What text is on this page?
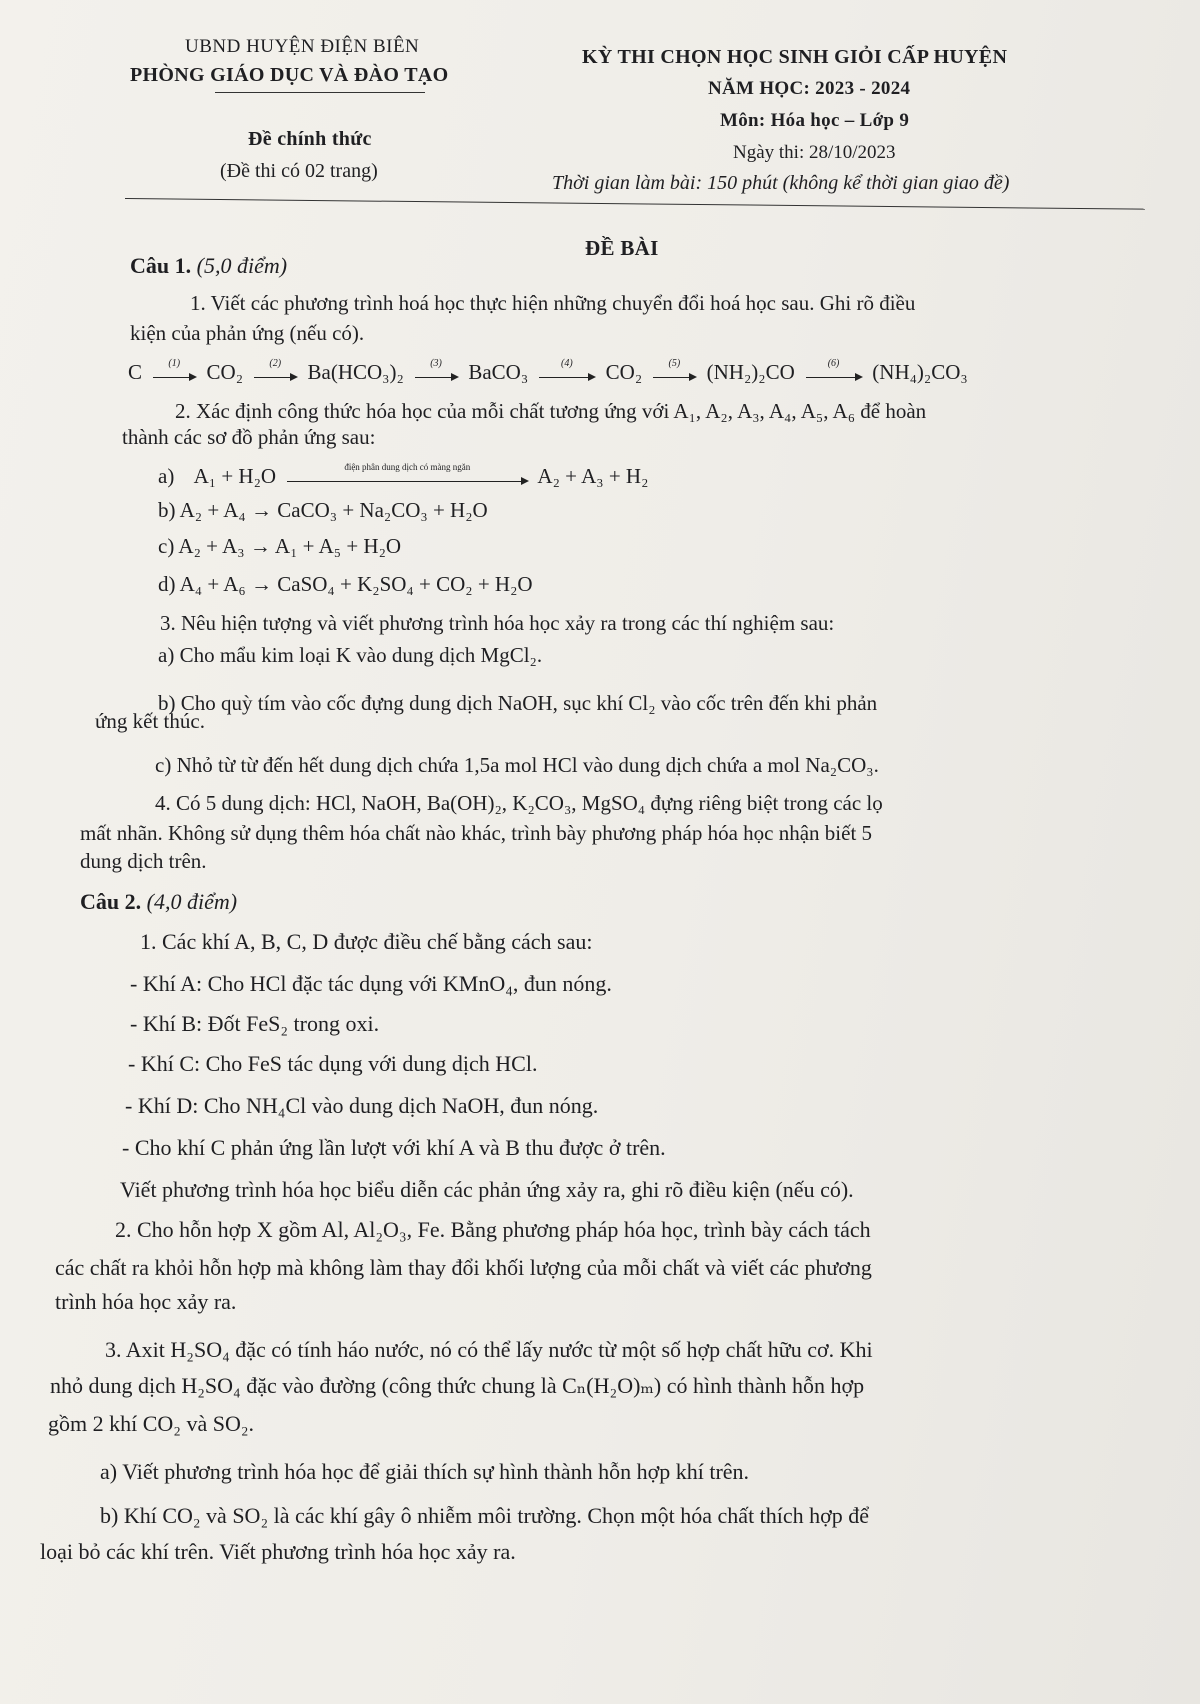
UBND HUYỆN ĐIỆN BIÊN
PHÒNG GIÁO DỤC VÀ ĐÀO TẠO
Đề chính thức
(Đề thi có 02 trang)
KỲ THI CHỌN HỌC SINH GIỎI CẤP HUYỆN
NĂM HỌC: 2023 - 2024
Môn: Hóa học – Lớp 9
Ngày thi: 28/10/2023
Thời gian làm bài: 150 phút (không kể thời gian giao đề)
ĐỀ BÀI
Câu 1. (5,0 điểm)
1. Viết các phương trình hoá học thực hiện những chuyển đổi hoá học sau. Ghi rõ điều
kiện của phản ứng (nếu có).
C	(1)	CO₂	(2)	Ba(HCO₃)₂	(3)	BaCO₃	(4)	CO₂	(5)	(NH₂)₂CO	(6)	(NH₄)₂CO₃
2. Xác định công thức hóa học của mỗi chất tương ứng với A₁, A₂, A₃, A₄, A₅, A₆ để hoàn
thành các sơ đồ phản ứng sau:
a) A₁ + H₂O	điện phân dung dịch có màng ngăn	A₂ + A₃ + H₂
b) A₂ + A₄ → CaCO₃ + Na₂CO₃ + H₂O
c) A₂ + A₃ → A₁ + A₅ + H₂O
d) A₄ + A₆ → CaSO₄ + K₂SO₄ + CO₂ + H₂O
3. Nêu hiện tượng và viết phương trình hóa học xảy ra trong các thí nghiệm sau:
a) Cho mẩu kim loại K vào dung dịch MgCl₂.
b) Cho quỳ tím vào cốc đựng dung dịch NaOH, sục khí Cl₂ vào cốc trên đến khi phản
ứng kết thúc.
c) Nhỏ từ từ đến hết dung dịch chứa 1,5a mol HCl vào dung dịch chứa a mol Na₂CO₃.
4. Có 5 dung dịch: HCl, NaOH, Ba(OH)₂, K₂CO₃, MgSO₄ đựng riêng biệt trong các lọ
mất nhãn. Không sử dụng thêm hóa chất nào khác, trình bày phương pháp hóa học nhận biết 5
dung dịch trên.
Câu 2. (4,0 điểm)
1. Các khí A, B, C, D được điều chế bằng cách sau:
- Khí A: Cho HCl đặc tác dụng với KMnO₄, đun nóng.
- Khí B: Đốt FeS₂ trong oxi.
- Khí C: Cho FeS tác dụng với dung dịch HCl.
- Khí D: Cho NH₄Cl vào dung dịch NaOH, đun nóng.
- Cho khí C phản ứng lần lượt với khí A và B thu được ở trên.
Viết phương trình hóa học biểu diễn các phản ứng xảy ra, ghi rõ điều kiện (nếu có).
2. Cho hỗn hợp X gồm Al, Al₂O₃, Fe. Bằng phương pháp hóa học, trình bày cách tách
các chất ra khỏi hỗn hợp mà không làm thay đổi khối lượng của mỗi chất và viết các phương
trình hóa học xảy ra.
3. Axit H₂SO₄ đặc có tính háo nước, nó có thể lấy nước từ một số hợp chất hữu cơ. Khi
nhỏ dung dịch H₂SO₄ đặc vào đường (công thức chung là Cₙ(H₂O)ₘ) có hình thành hỗn hợp
gồm 2 khí CO₂ và SO₂.
a) Viết phương trình hóa học để giải thích sự hình thành hỗn hợp khí trên.
b) Khí CO₂ và SO₂ là các khí gây ô nhiễm môi trường. Chọn một hóa chất thích hợp để
loại bỏ các khí trên. Viết phương trình hóa học xảy ra.
